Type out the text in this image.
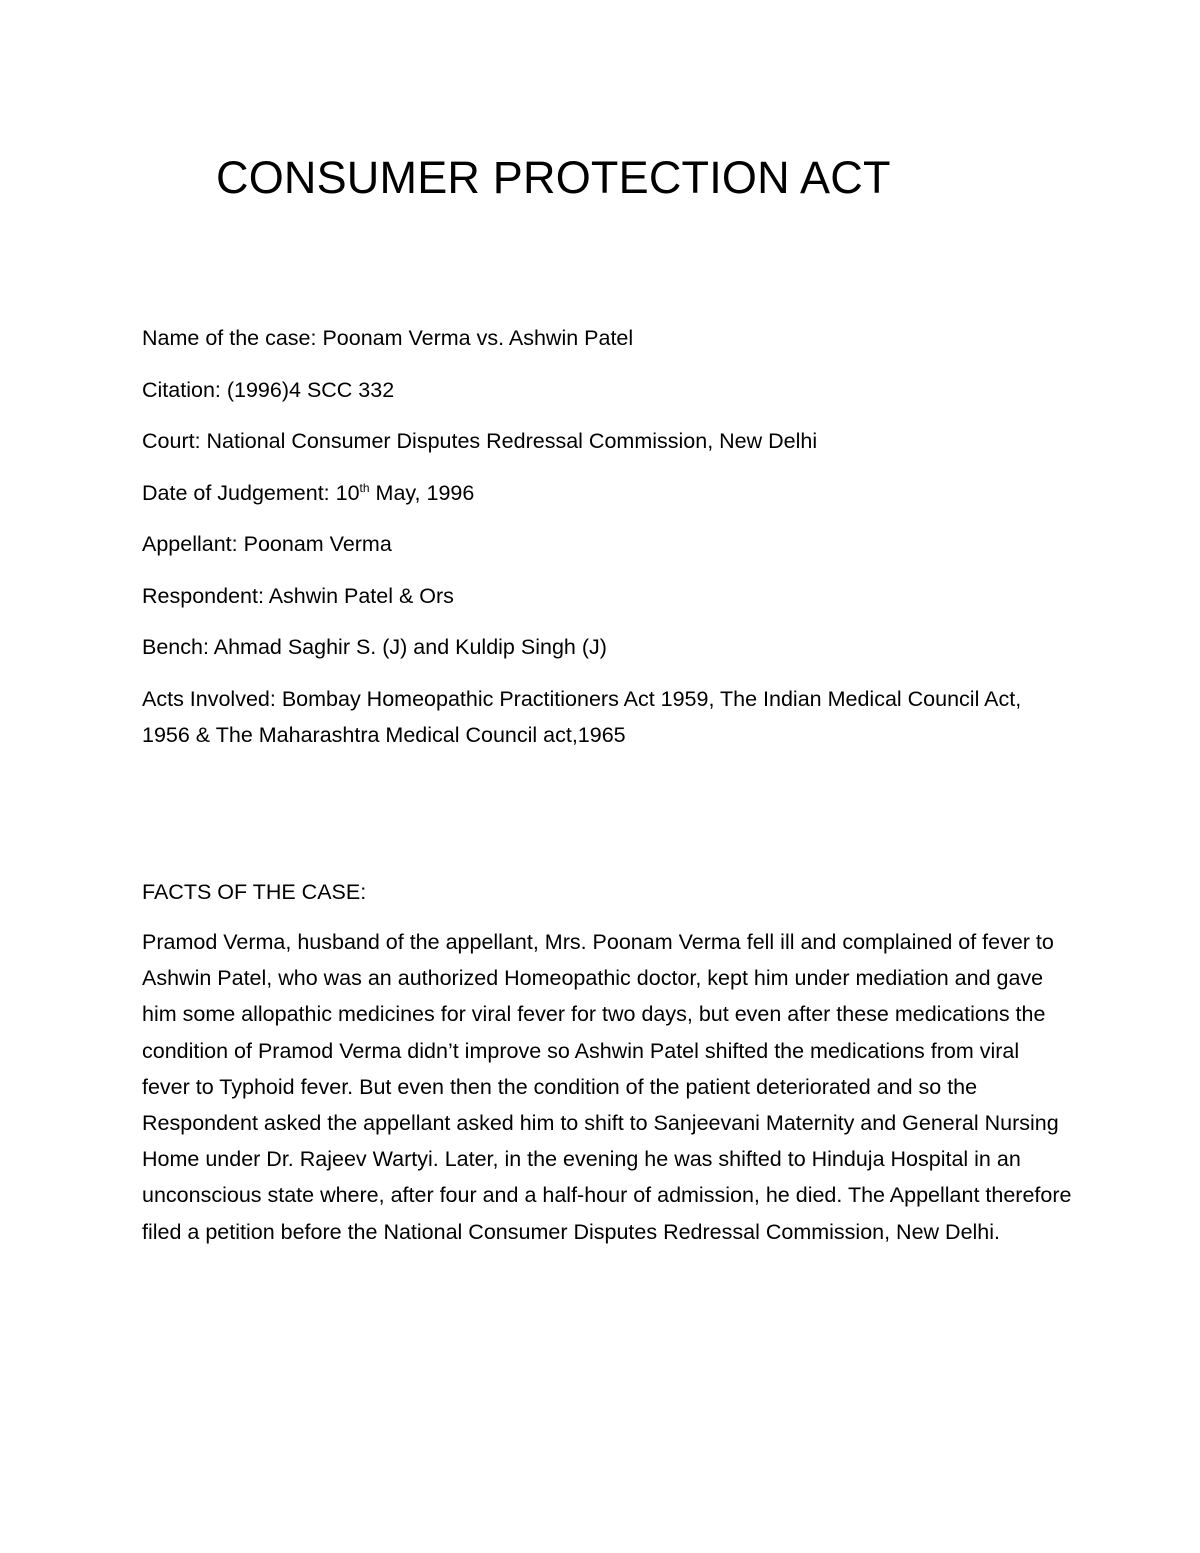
CONSUMER PROTECTION ACT

Name of the case: Poonam Verma vs. Ashwin Patel

Citation: (1996)4 SCC 332

Court: National Consumer Disputes Redressal Commission, New Delhi

Date of Judgement: 10th May, 1996

Appellant: Poonam Verma

Respondent: Ashwin Patel & Ors

Bench: Ahmad Saghir S. (J) and Kuldip Singh (J)

Acts Involved: Bombay Homeopathic Practitioners Act 1959, The Indian Medical Council Act, 1956 & The Maharashtra Medical Council act,1965

FACTS OF THE CASE:

Pramod Verma, husband of the appellant, Mrs. Poonam Verma fell ill and complained of fever to Ashwin Patel, who was an authorized Homeopathic doctor, kept him under mediation and gave him some allopathic medicines for viral fever for two days, but even after these medications the condition of Pramod Verma didn’t improve so Ashwin Patel shifted the medications from viral fever to Typhoid fever. But even then the condition of the patient deteriorated and so the Respondent asked the appellant asked him to shift to Sanjeevani Maternity and General Nursing Home under Dr. Rajeev Wartyi. Later, in the evening he was shifted to Hinduja Hospital in an unconscious state where, after four and a half-hour of admission, he died. The Appellant therefore filed a petition before the National Consumer Disputes Redressal Commission, New Delhi.
